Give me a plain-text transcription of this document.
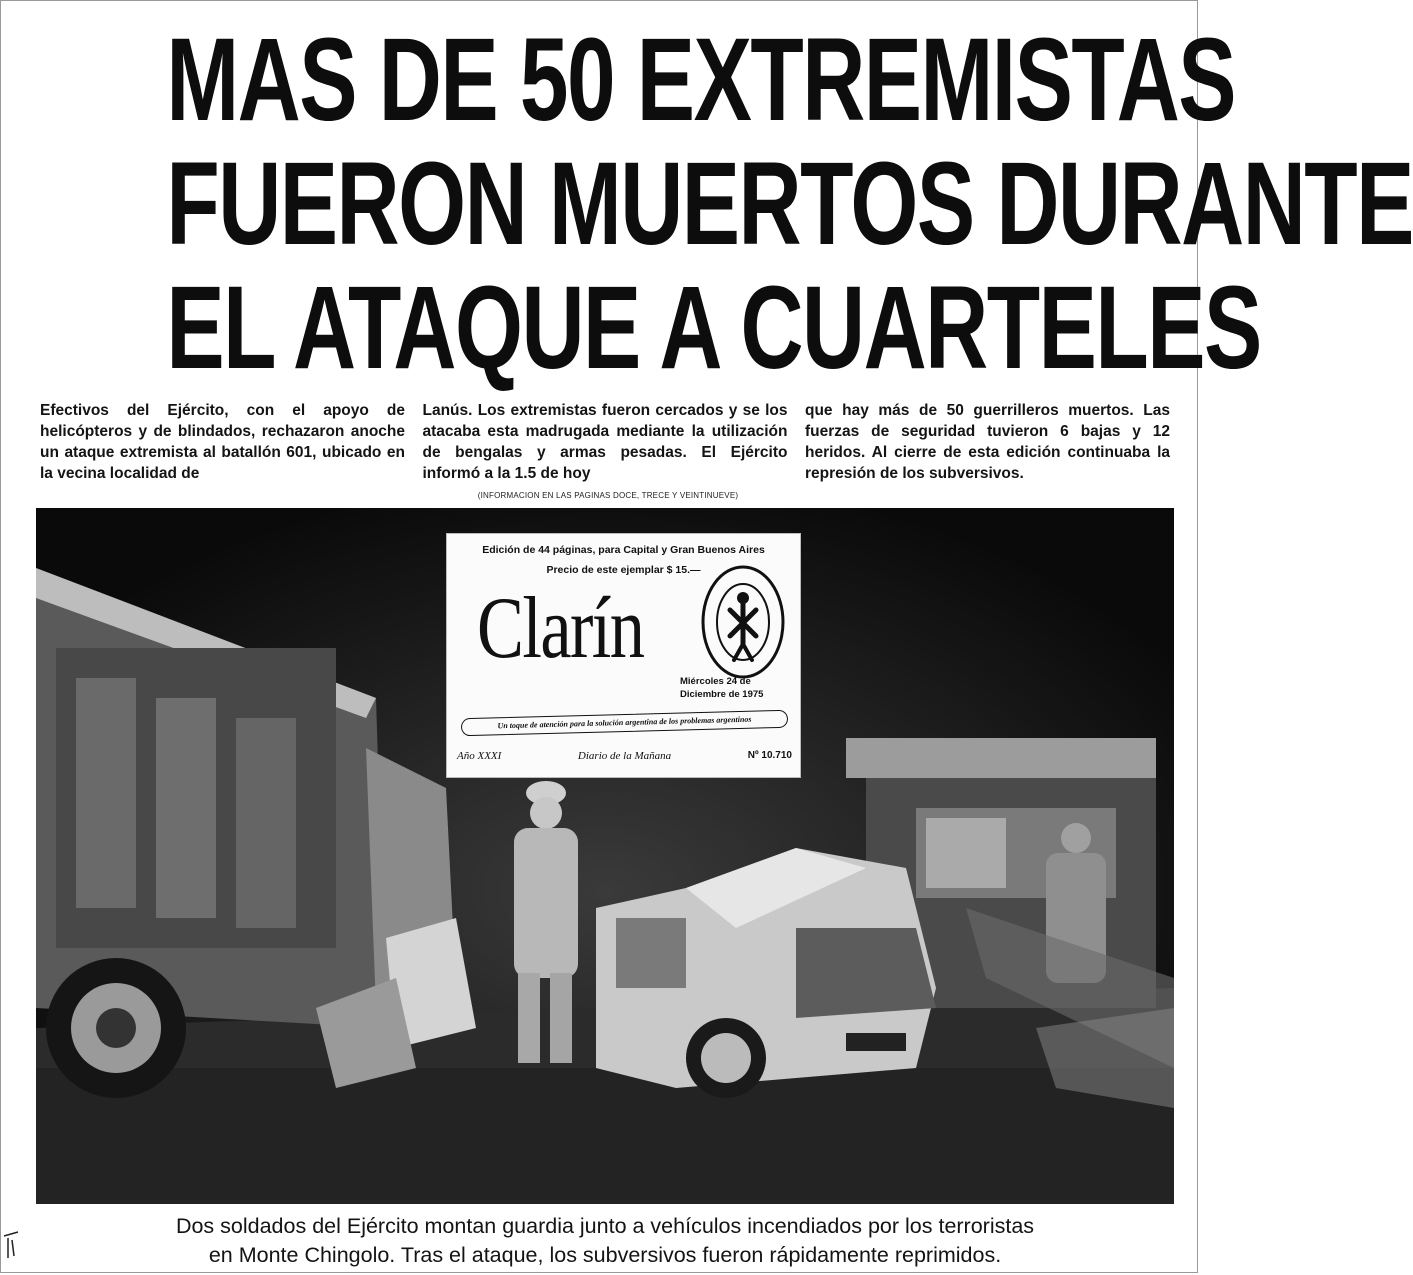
MAS DE 50 EXTREMISTAS
FUERON MUERTOS DURANTE
EL ATAQUE A CUARTELES
Efectivos del Ejército, con el apoyo de helicópteros y de blindados, rechazaron anoche un ataque extremista al batallón 601, ubicado en la vecina localidad de
Lanús. Los extremistas fueron cercados y se los atacaba esta madrugada mediante la utilización de bengalas y armas pesadas. El Ejército informó a la 1.5 de hoy
que hay más de 50 guerrilleros muertos. Las fuerzas de seguridad tuvieron 6 bajas y 12 heridos. Al cierre de esta edición continuaba la represión de los subversivos.
(INFORMACION EN LAS PAGINAS DOCE, TRECE Y VEINTINUEVE)
Edición de 44 páginas, para Capital y Gran Buenos Aires
Precio de este ejemplar $ 15.—
Clarín
Miércoles 24 de
Diciembre de 1975
Un toque de atención para la solución argentina de los problemas argentinos
Año XXXI	Diario de la Mañana	Nº 10.710
Dos soldados del Ejército montan guardia junto a vehículos incendiados por los terroristas
en Monte Chingolo. Tras el ataque, los subversivos fueron rápidamente reprimidos.
